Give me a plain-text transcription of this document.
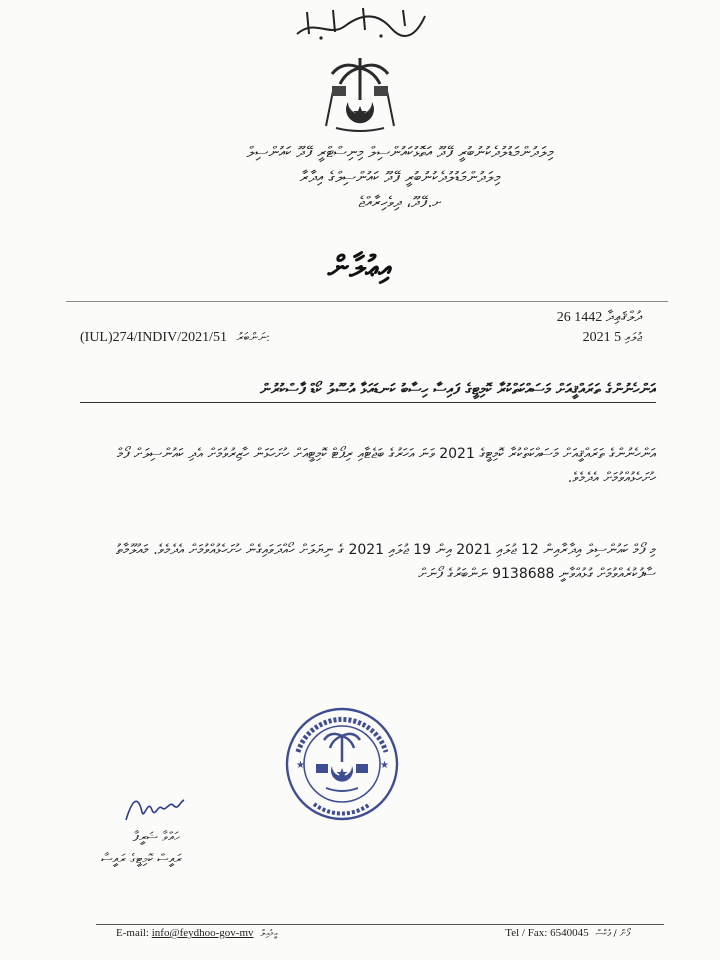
މިލަދުންމަޑުލުދެކުނުބުރީ ފޭދޫ އަތޮޅުކައުންސިލް މިނިސްޓްރީ ފޭދޫ ކައުންސިލް
މިލަދުންމަޑުލުދެކުނުބުރީ ފޭދޫ ކައުންސިލްގެ އިދާރާ
ށ.ފޭދޫ، ދިވެހިރާއްޖެ
އިޢުލާން
26 ދުލްޤަޢިދާ 1442
2021 ޖުލައި 5
(IUL)274/INDIV/2021/51 ނަންބަރު:
އަންހެނުންގެ ތަރައްޤީއަށް މަސައްކަތްކުރާ ކޮމިޓީގެ ފައިސާ ހިސާބު ކަނޑައަޅާ އުސޫލު ކޯޑް ފާސްކުރުން
އަންހެނުންގެ ތަރައްޤީއަށް މަސައްކަތްކުރާ ކޮމިޓީގެ 2021 ވަނަ އަހަރުގެ ބަޖެޓާއި ރިޕޯޓް ކޮމިޓީއަށް ހުށަހަޅަން ހާޒިރުވުމަށް އެދި ކައުންސިލަށް ފޯމް ހުށަހެޅުއްވުމަށް އެދެމެވެ.
މި ފޯމް ކައުންސިލް އިދާރާއިން 12 ޖުލައި 2021 އިން 19 ޖުލައި 2021 ގެ ނިޔަލަށް ހޯއްދަވައިގެން ހުށަހެޅުއްވުމަށް އެދެމެވެ. މައުލޫމާތު ސާފުކުރެއްވުމަށް ގުޅުއްވާނީ 9138688 ނަންބަރުގެ ފޯނަށް
★	★
ހައްވާ ޝަރީފާ
ރައީސް ކޮމިޓީގެ ރައީސާ
E-mail: info@feydhoo-gov-mv އީމެއިލް	Tel / Fax: 6540045 ފޯން / ފެކްސް
